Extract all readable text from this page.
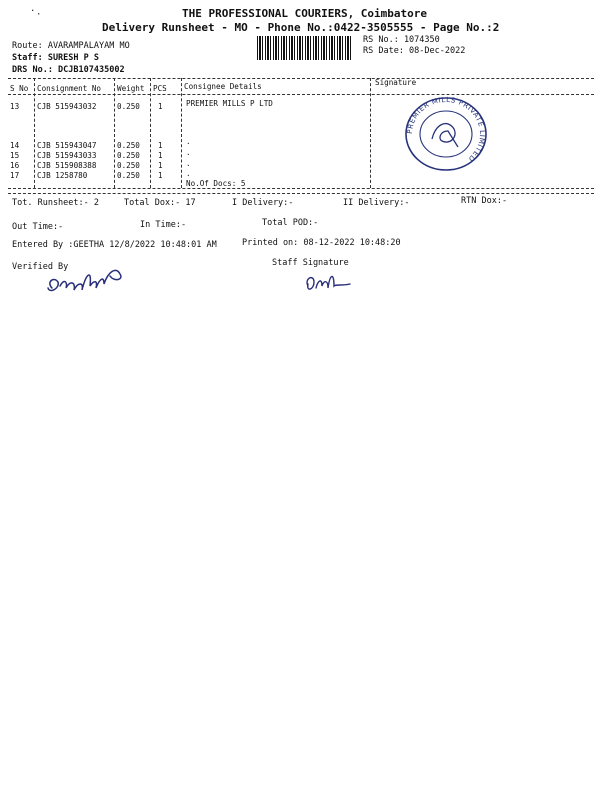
THE PROFESSIONAL COURIERS, Coimbatore
Delivery Runsheet - MO - Phone No.:0422-3505555 - Page No.:2
Route: AVARAMPALAYAM MO
Staff: SURESH P S
DRS No.: DCJB107435002
RS No.: 1074350
RS Date: 08-Dec-2022
S No Consignment No Weight PCS Consignee Details	Signature
13 CJB 515943032	0.250 1	PREMIER MILLS P LTD
14 CJB 515943047	0.250 1	.
15 CJB 515943033	0.250 1	.
16 CJB 515908388	0.250 1	.
17 CJB 1258780	0.250 1	.
No.Of Docs: 5
PREMIER MILLS PRIVATE LIMITED
Tot. Runsheet:- 2	Total Dox:- 17	I Delivery:-	II Delivery:-	RTN Dox:-
Out Time:-	In Time:-	Total POD:-
Entered By :GEETHA 12/8/2022 10:48:01 AM	Printed on: 08-12-2022 10:48:20
Verified By	Staff Signature
.
·
